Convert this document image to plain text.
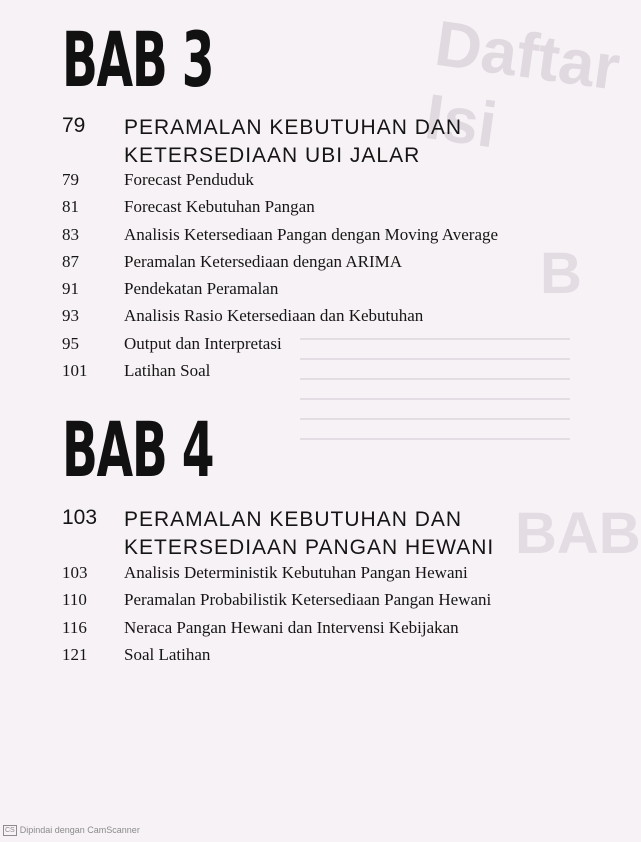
Daftar Isi
B
BAB
BAB 3
79 PERAMALAN KEBUTUHAN DAN
KETERSEDIAAN UBI JALAR
79	Forecast Penduduk
81	Forecast Kebutuhan Pangan
83	Analisis Ketersediaan Pangan dengan Moving Average
87	Peramalan Ketersediaan dengan ARIMA
91	Pendekatan Peramalan
93	Analisis Rasio Ketersediaan dan Kebutuhan
95	Output dan Interpretasi
101 Latihan Soal
BAB 4
103 PERAMALAN KEBUTUHAN DAN
KETERSEDIAAN PANGAN HEWANI
103 Analisis Deterministik Kebutuhan Pangan Hewani
110 Peramalan Probabilistik Ketersediaan Pangan Hewani
116 Neraca Pangan Hewani dan Intervensi Kebijakan
121 Soal Latihan
CS Dipindai dengan CamScanner
